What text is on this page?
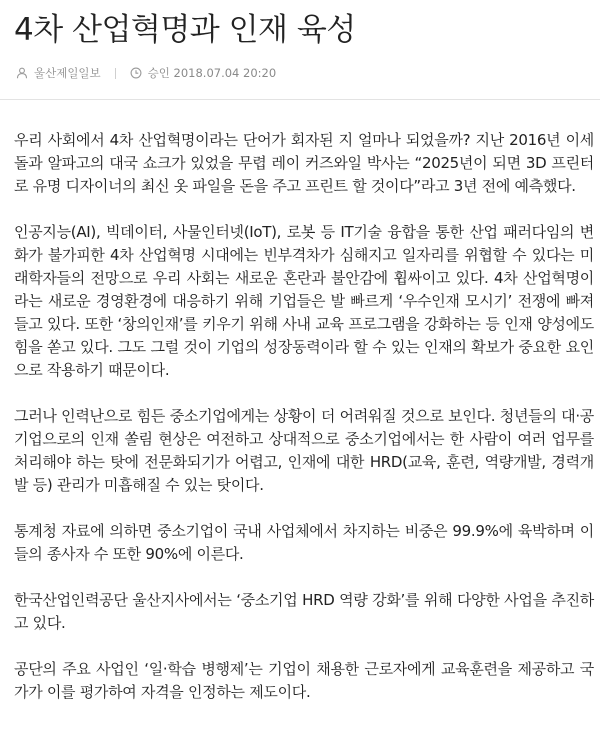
4차 산업혁명과 인재 육성
울산제일일보	승인 2018.07.04 20:20

우리 사회에서 4차 산업혁명이라는 단어가 회자된 지 얼마나 되었을까? 지난 2016년 이세돌과 알파고의 대국 쇼크가 있었을 무렵 레이 커즈와일 박사는 “2025년이 되면 3D 프린터로 유명 디자이너의 최신 옷 파일을 돈을 주고 프린트 할 것이다”라고 3년 전에 예측했다.

인공지능(AI), 빅데이터, 사물인터넷(IoT), 로봇 등 IT기술 융합을 통한 산업 패러다임의 변화가 불가피한 4차 산업혁명 시대에는 빈부격차가 심해지고 일자리를 위협할 수 있다는 미래학자들의 전망으로 우리 사회는 새로운 혼란과 불안감에 휩싸이고 있다. 4차 산업혁명이라는 새로운 경영환경에 대응하기 위해 기업들은 발 빠르게 ‘우수인재 모시기’ 전쟁에 빠져들고 있다. 또한 ‘창의인재’를 키우기 위해 사내 교육 프로그램을 강화하는 등 인재 양성에도 힘을 쏟고 있다. 그도 그럴 것이 기업의 성장동력이라 할 수 있는 인재의 확보가 중요한 요인으로 작용하기 때문이다.

그러나 인력난으로 힘든 중소기업에게는 상황이 더 어려워질 것으로 보인다. 청년들의 대·공기업으로의 인재 쏠림 현상은 여전하고 상대적으로 중소기업에서는 한 사람이 여러 업무를 처리해야 하는 탓에 전문화되기가 어렵고, 인재에 대한 HRD(교육, 훈련, 역량개발, 경력개발 등) 관리가 미흡해질 수 있는 탓이다.

통계청 자료에 의하면 중소기업이 국내 사업체에서 차지하는 비중은 99.9%에 육박하며 이들의 종사자 수 또한 90%에 이른다.

한국산업인력공단 울산지사에서는 ‘중소기업 HRD 역량 강화’를 위해 다양한 사업을 추진하고 있다.

공단의 주요 사업인 ‘일·학습 병행제’는 기업이 채용한 근로자에게 교육훈련을 제공하고 국가가 이를 평가하여 자격을 인정하는 제도이다.
